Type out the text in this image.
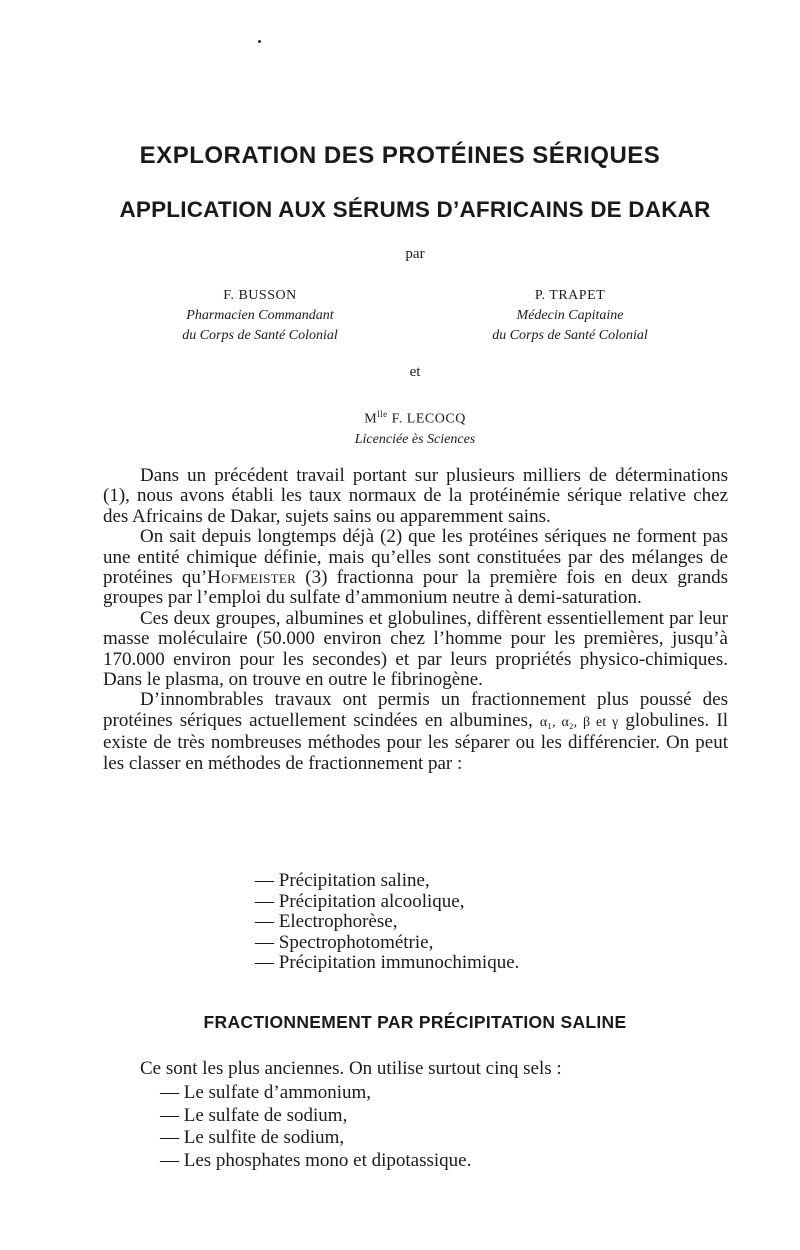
EXPLORATION DES PROTÉINES SÉRIQUES
APPLICATION AUX SÉRUMS D’AFRICAINS DE DAKAR
par
F. BUSSON
Pharmacien Commandant
du Corps de Santé Colonial
P. TRAPET
Médecin Capitaine
du Corps de Santé Colonial
et
$M^{lle}$ F. LECOCQ
Licenciée ès Sciences

Dans un précédent travail portant sur plusieurs milliers de déterminations (1), nous avons établi les taux normaux de la protéinémie sérique relative chez des Africains de Dakar, sujets sains ou apparemment sains.

On sait depuis longtemps déjà (2) que les protéines sériques ne forment pas une entité chimique définie, mais qu’elles sont constituées par des mélanges de protéines qu’Hofmeister (3) fractionna pour la première fois en deux grands groupes par l’emploi du sulfate d’ammonium neutre à demi-saturation.

Ces deux groupes, albumines et globulines, diffèrent essentiellement par leur masse moléculaire (50.000 environ chez l’homme pour les premières, jusqu’à 170.000 environ pour les secondes) et par leurs propriétés physico-chimiques. Dans le plasma, on trouve en outre le fibrinogène.

D’innombrables travaux ont permis un fractionnement plus poussé des protéines sériques actuellement scindées en albumines, α₁, α₂, β et γ globulines. Il existe de très nombreuses méthodes pour les séparer ou les différencier. On peut les classer en méthodes de fractionnement par :

— Précipitation saline,
— Précipitation alcoolique,
— Electrophorèse,
— Spectrophotométrie,
— Précipitation immunochimique.
FRACTIONNEMENT PAR PRÉCIPITATION SALINE

Ce sont les plus anciennes. On utilise surtout cinq sels :

— Le sulfate d’ammonium,
— Le sulfate de sodium,
— Le sulfite de sodium,
— Les phosphates mono et dipotassique.
